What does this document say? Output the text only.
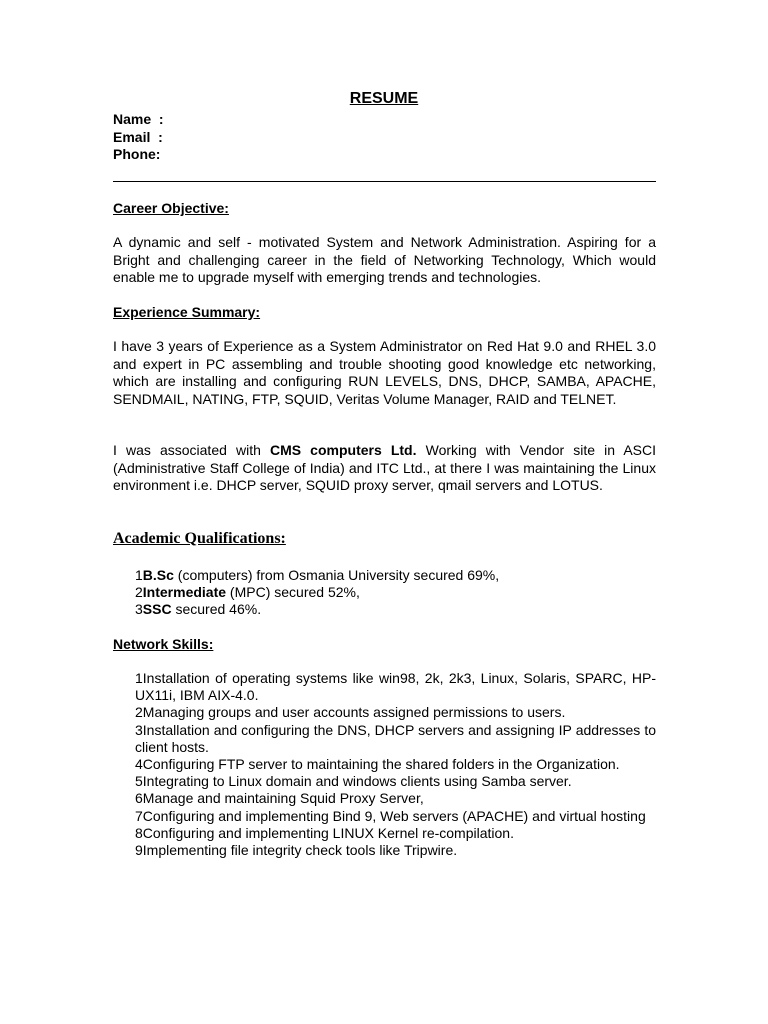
RESUME
Name  :
Email  :
Phone:
Career Objective:
A dynamic and self - motivated System and Network Administration. Aspiring for a Bright and challenging career in the field of Networking Technology, Which would enable me to upgrade myself with emerging trends and technologies.
Experience Summary:
I have 3 years of Experience as a System Administrator on Red Hat 9.0 and RHEL 3.0 and expert in PC assembling and trouble shooting good knowledge etc networking, which are installing and configuring RUN LEVELS, DNS, DHCP, SAMBA, APACHE, SENDMAIL, NATING, FTP, SQUID, Veritas Volume Manager, RAID and TELNET.
I was associated with CMS computers Ltd. Working with Vendor site in ASCI (Administrative Staff College of India) and ITC Ltd., at there I was maintaining the Linux environment i.e. DHCP server, SQUID proxy server, qmail servers and LOTUS.
Academic Qualifications:
1B.Sc (computers) from Osmania University secured 69%,
2Intermediate (MPC) secured 52%,
3SSC secured 46%.
Network Skills:
1Installation of operating systems like win98, 2k, 2k3, Linux, Solaris, SPARC, HP-UX11i, IBM AIX-4.0.
2Managing groups and user accounts assigned permissions to users.
3Installation and configuring the DNS, DHCP servers and assigning IP addresses to client hosts.
4Configuring FTP server to maintaining the shared folders in the Organization.
5Integrating to Linux domain and windows clients using Samba server.
6Manage and maintaining Squid Proxy Server,
7Configuring and implementing Bind 9, Web servers (APACHE) and virtual hosting
8Configuring and implementing LINUX Kernel re-compilation.
9Implementing file integrity check tools like Tripwire.
